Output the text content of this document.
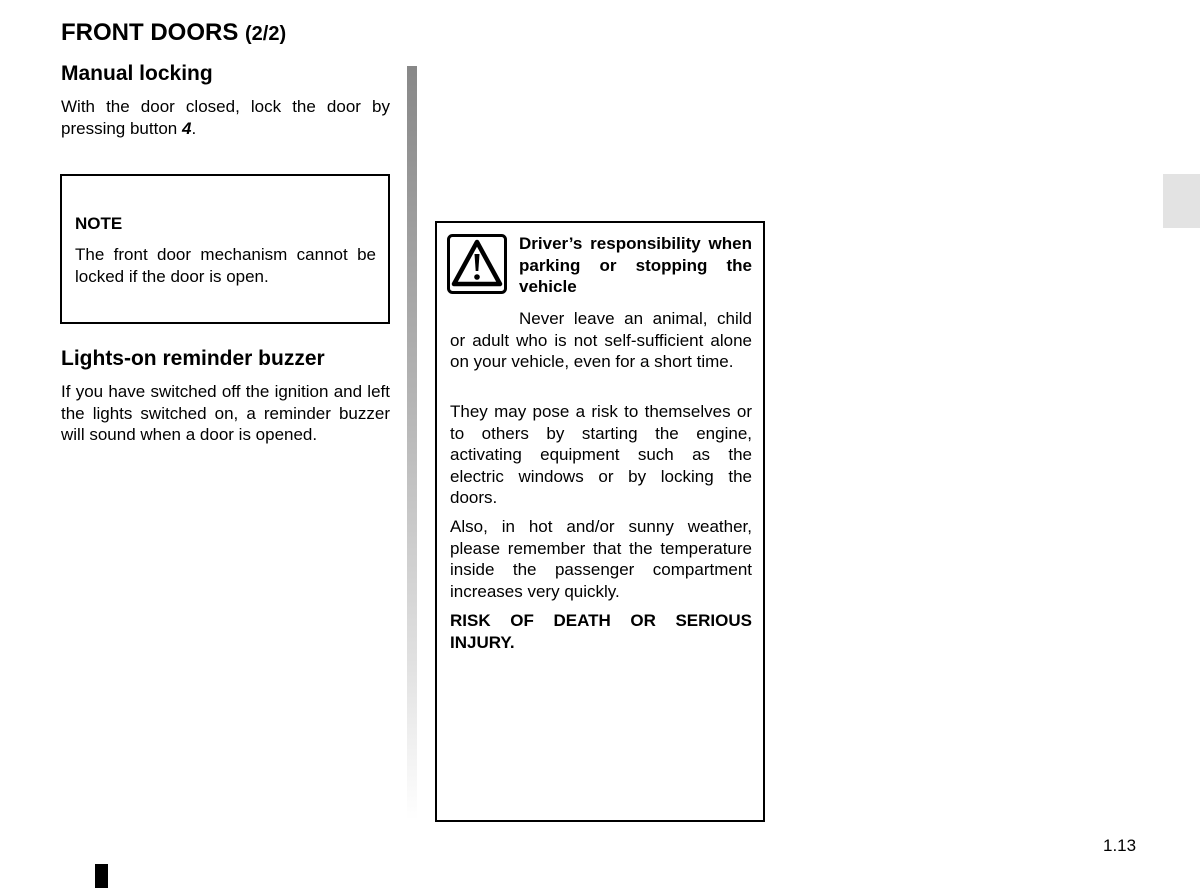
FRONT DOORS (2/2)
Manual locking

With the door closed, lock the door by pressing button 4.

NOTE

The front door mechanism cannot be locked if the door is open.

Lights-on reminder buzzer

If you have switched off the ignition and left the lights switched on, a reminder buzzer will sound when a door is opened.

Driver’s responsibility when parking or stopping the vehicle

Never leave an animal, child or adult who is not self-sufficient alone on your vehicle, even for a short time.

They may pose a risk to themselves or to others by starting the engine, activating equipment such as the electric windows or by locking the doors.

Also, in hot and/or sunny weather, please remember that the temperature inside the passenger compartment increases very quickly.

RISK OF DEATH OR SERIOUS INJURY.

1.13
